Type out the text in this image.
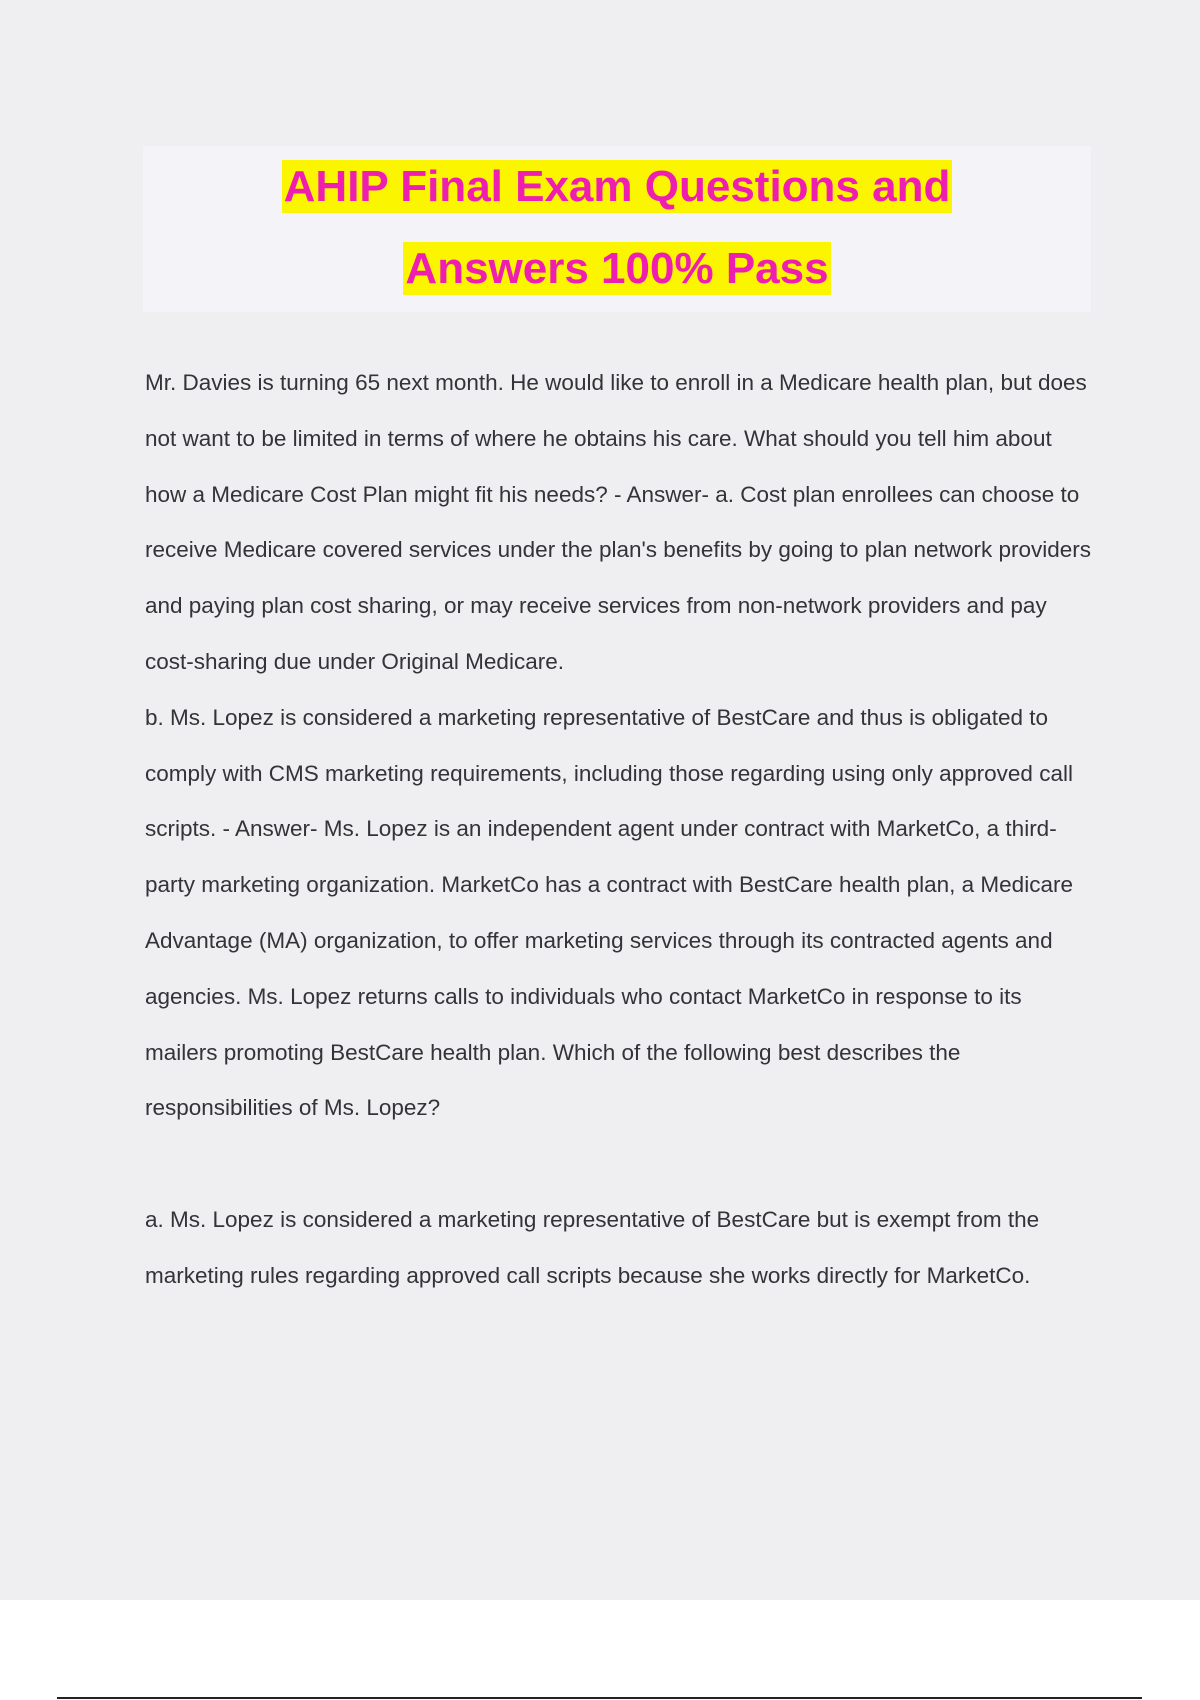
AHIP Final Exam Questions and
Answers 100% Pass

Mr. Davies is turning 65 next month. He would like to enroll in a Medicare health plan, but does not want to be limited in terms of where he obtains his care. What should you tell him about how a Medicare Cost Plan might fit his needs? - Answer- a. Cost plan enrollees can choose to receive Medicare covered services under the plan's benefits by going to plan network providers and paying plan cost sharing, or may receive services from non-network providers and pay cost-sharing due under Original Medicare.

b. Ms. Lopez is considered a marketing representative of BestCare and thus is obligated to comply with CMS marketing requirements, including those regarding using only approved call scripts. - Answer- Ms. Lopez is an independent agent under contract with MarketCo, a third-party marketing organization. MarketCo has a contract with BestCare health plan, a Medicare Advantage (MA) organization, to offer marketing services through its contracted agents and agencies. Ms. Lopez returns calls to individuals who contact MarketCo in response to its mailers promoting BestCare health plan. Which of the following best describes the responsibilities of Ms. Lopez?

a. Ms. Lopez is considered a marketing representative of BestCare but is exempt from the marketing rules regarding approved call scripts because she works directly for MarketCo.
